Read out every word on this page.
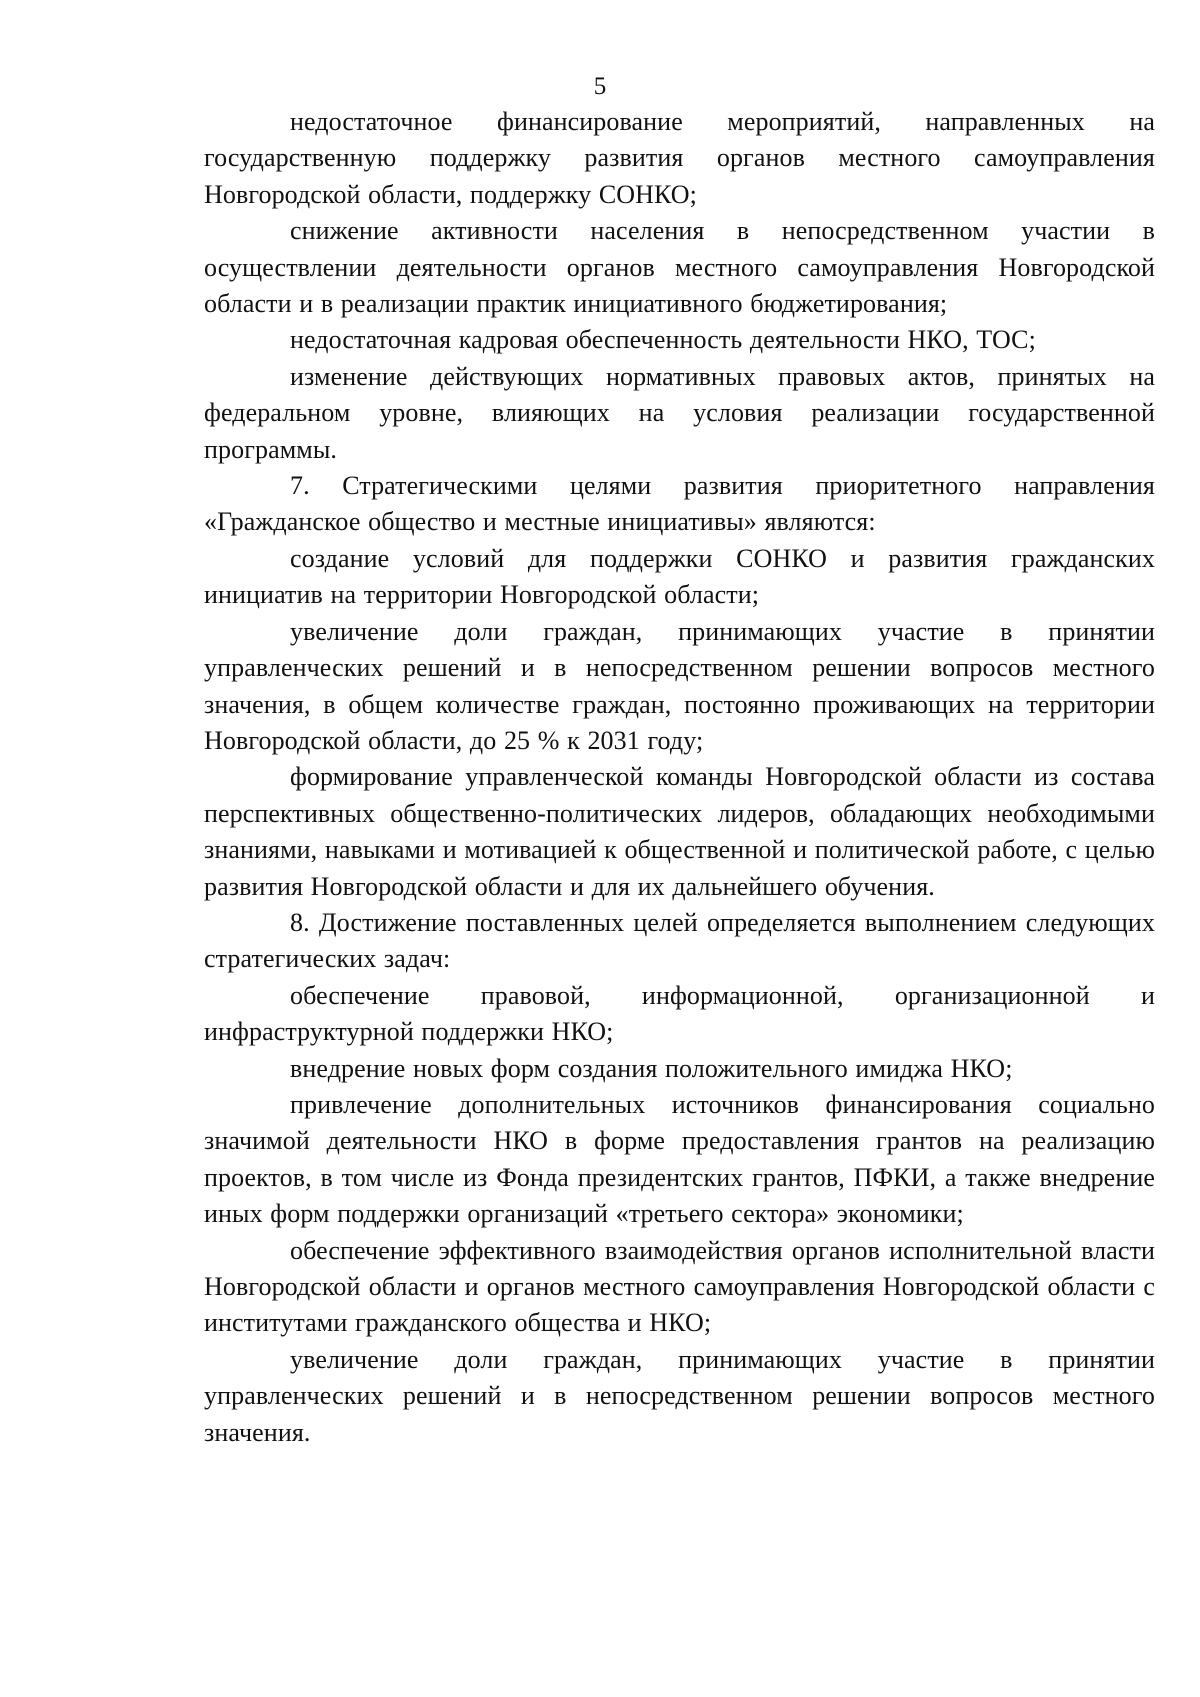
5

недостаточное финансирование мероприятий, направленных на государственную поддержку развития органов местного самоуправления Новгородской области, поддержку СОНКО;

снижение активности населения в непосредственном участии в осуществлении деятельности органов местного самоуправления Новгородской области и в реализации практик инициативного бюджетирования;

недостаточная кадровая обеспеченность деятельности НКО, ТОС;

изменение действующих нормативных правовых актов, принятых на федеральном уровне, влияющих на условия реализации государственной программы.

7. Стратегическими целями развития приоритетного направления «Гражданское общество и местные инициативы» являются:

создание условий для поддержки СОНКО и развития гражданских инициатив на территории Новгородской области;

увеличение доли граждан, принимающих участие в принятии управленческих решений и в непосредственном решении вопросов местного значения, в общем количестве граждан, постоянно проживающих на территории Новгородской области, до 25 % к 2031 году;

формирование управленческой команды Новгородской области из состава перспективных общественно-политических лидеров, обладающих необходимыми знаниями, навыками и мотивацией к общественной и политической работе, с целью развития Новгородской области и для их дальнейшего обучения.

8. Достижение поставленных целей определяется выполнением следующих стратегических задач:

обеспечение правовой, информационной, организационной и инфраструктурной поддержки НКО;

внедрение новых форм создания положительного имиджа НКО;

привлечение дополнительных источников финансирования социально значимой деятельности НКО в форме предоставления грантов на реализацию проектов, в том числе из Фонда президентских грантов, ПФКИ, а также внедрение иных форм поддержки организаций «третьего сектора» экономики;

обеспечение эффективного взаимодействия органов исполнительной власти Новгородской области и органов местного самоуправления Новгородской области с институтами гражданского общества и НКО;

увеличение доли граждан, принимающих участие в принятии управленческих решений и в непосредственном решении вопросов местного значения.
